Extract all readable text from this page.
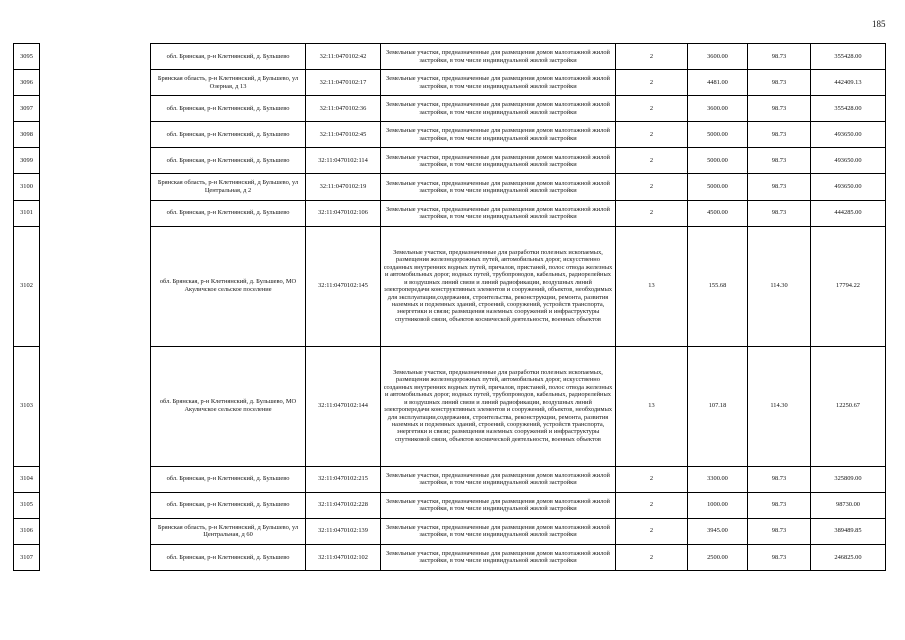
185
3095		обл. Брянская, р-н Клетнянский, д. Бульшево	32:11:0470102:42	Земельные участки, предназначенные для размещения домов малоэтажной жилой застройки, в том числе индивидуальной жилой застройки	2	3600.00	98.73	355428.00
3096		Брянская область, р-н Клетнянский, д Бульшево, ул Озерная, д 13	32:11:0470102:17	Земельные участки, предназначенные для размещения домов малоэтажной жилой застройки, в том числе индивидуальной жилой застройки	2	4481.00	98.73	442409.13
3097		обл. Брянская, р-н Клетнянский, д. Бульшево	32:11:0470102:36	Земельные участки, предназначенные для размещения домов малоэтажной жилой застройки, в том числе индивидуальной жилой застройки	2	3600.00	98.73	355428.00
3098		обл. Брянская, р-н Клетнянский, д. Бульшево	32:11:0470102:45	Земельные участки, предназначенные для размещения домов малоэтажной жилой застройки, в том числе индивидуальной жилой застройки	2	5000.00	98.73	493650.00
3099		обл. Брянская, р-н Клетнянский, д. Бульшево	32:11:0470102:114	Земельные участки, предназначенные для размещения домов малоэтажной жилой застройки, в том числе индивидуальной жилой застройки	2	5000.00	98.73	493650.00
3100		Брянская область, р-н Клетнянский, д Бульшево, ул Центральная, д 2	32:11:0470102:19	Земельные участки, предназначенные для размещения домов малоэтажной жилой застройки, в том числе индивидуальной жилой застройки	2	5000.00	98.73	493650.00
3101		обл. Брянская, р-н Клетнянский, д. Бульшево	32:11:0470102:106	Земельные участки, предназначенные для размещения домов малоэтажной жилой застройки, в том числе индивидуальной жилой застройки	2	4500.00	98.73	444285.00
3102		обл. Брянская, р-н Клетнянский, д. Бульшево, МО Акуличское сельское поселение	32:11:0470102:145	Земельные участки, предназначенные для разработки полезных ископаемых, размещения железнодорожных путей, автомобильных дорог, искусственно созданных внутренних водных путей, причалов, пристаней, полос отвода железных и автомобильных дорог, водных путей, трубопроводов, кабельных, радиорелейных и воздушных линий связи и линий радиофикации, воздушных линий электропередачи конструктивных элементов и сооружений, объектов, необходимых для эксплуатации,содержания, строительства, реконструкции, ремонта, развития наземных и подземных зданий, строений, сооружений, устройств транспорта, энергетики и связи; размещения наземных сооружений и инфраструктуры спутниковой связи, объектов космической деятельности, военных объектов	13	155.68	114.30	17794.22
3103		обл. Брянская, р-н Клетнянский, д. Бульшево, МО Акуличское сельское поселение	32:11:0470102:144	Земельные участки, предназначенные для разработки полезных ископаемых, размещения железнодорожных путей, автомобильных дорог, искусственно созданных внутренних водных путей, причалов, пристаней, полос отвода железных и автомобильных дорог, водных путей, трубопроводов, кабельных, радиорелейных и воздушных линий связи и линий радиофикации, воздушных линий электропередачи конструктивных элементов и сооружений, объектов, необходимых для эксплуатации,содержания, строительства, реконструкции, ремонта, развития наземных и подземных зданий, строений, сооружений, устройств транспорта, энергетики и связи; размещения наземных сооружений и инфраструктуры спутниковой связи, объектов космической деятельности, военных объектов	13	107.18	114.30	12250.67
3104		обл. Брянская, р-н Клетнянский, д. Бульшево	32:11:0470102:215	Земельные участки, предназначенные для размещения домов малоэтажной жилой застройки, в том числе индивидуальной жилой застройки	2	3300.00	98.73	325809.00
3105		обл. Брянская, р-н Клетнянский, д. Бульшево	32:11:0470102:228	Земельные участки, предназначенные для размещения домов малоэтажной жилой застройки, в том числе индивидуальной жилой застройки	2	1000.00	98.73	98730.00
3106		Брянская область, р-н Клетнянский, д Бульшево, ул Центральная, д 60	32:11:0470102:139	Земельные участки, предназначенные для размещения домов малоэтажной жилой застройки, в том числе индивидуальной жилой застройки	2	3945.00	98.73	389489.85
3107		обл. Брянская, р-н Клетнянский, д. Бульшево	32:11:0470102:102	Земельные участки, предназначенные для размещения домов малоэтажной жилой застройки, в том числе индивидуальной жилой застройки	2	2500.00	98.73	246825.00
